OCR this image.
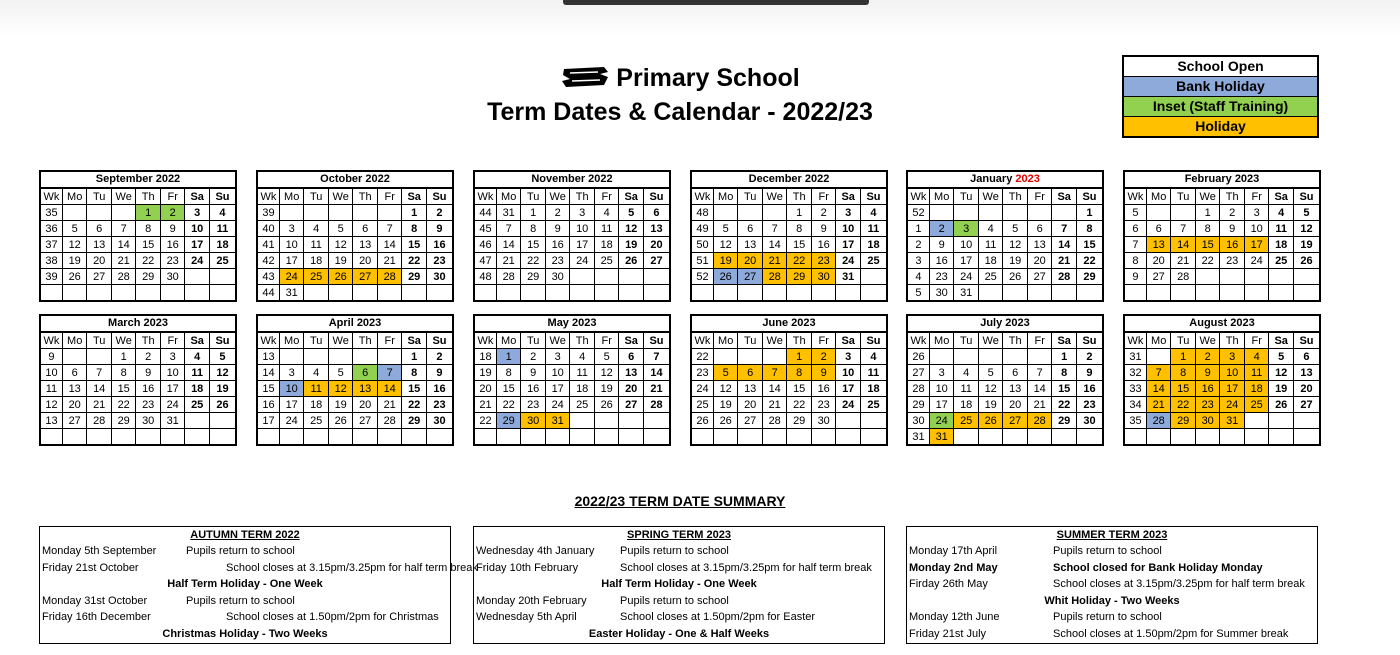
Primary School
Term Dates & Calendar - 2022/23
School Open
Bank Holiday
Inset (Staff Training)
Holiday
September 2022
Wk	Mo	Tu	We	Th	Fr	Sa	Su
35				1	2	3	4
36	5	6	7	8	9	10	11
37	12	13	14	15	16	17	18
38	19	20	21	22	23	24	25
39	26	27	28	29	30		

October 2022
Wk	Mo	Tu	We	Th	Fr	Sa	Su
39						1	2
40	3	4	5	6	7	8	9
41	10	11	12	13	14	15	16
42	17	18	19	20	21	22	23
43	24	25	26	27	28	29	30
44	31						
November 2022
Wk	Mo	Tu	We	Th	Fr	Sa	Su
44	31	1	2	3	4	5	6
45	7	8	9	10	11	12	13
46	14	15	16	17	18	19	20
47	21	22	23	24	25	26	27
48	28	29	30				

December 2022
Wk	Mo	Tu	We	Th	Fr	Sa	Su
48				1	2	3	4
49	5	6	7	8	9	10	11
50	12	13	14	15	16	17	18
51	19	20	21	22	23	24	25
52	26	27	28	29	30	31	

January 2023
Wk	Mo	Tu	We	Th	Fr	Sa	Su
52							1
1	2	3	4	5	6	7	8
2	9	10	11	12	13	14	15
3	16	17	18	19	20	21	22
4	23	24	25	26	27	28	29
5	30	31					
February 2023
Wk	Mo	Tu	We	Th	Fr	Sa	Su
5			1	2	3	4	5
6	6	7	8	9	10	11	12
7	13	14	15	16	17	18	19
8	20	21	22	23	24	25	26
9	27	28					

March 2023
Wk	Mo	Tu	We	Th	Fr	Sa	Su
9			1	2	3	4	5
10	6	7	8	9	10	11	12
11	13	14	15	16	17	18	19
12	20	21	22	23	24	25	26
13	27	28	29	30	31		

April 2023
Wk	Mo	Tu	We	Th	Fr	Sa	Su
13						1	2
14	3	4	5	6	7	8	9
15	10	11	12	13	14	15	16
16	17	18	19	20	21	22	23
17	24	25	26	27	28	29	30

May 2023
Wk	Mo	Tu	We	Th	Fr	Sa	Su
18	1	2	3	4	5	6	7
19	8	9	10	11	12	13	14
20	15	16	17	18	19	20	21
21	22	23	24	25	26	27	28
22	29	30	31				

June 2023
Wk	Mo	Tu	We	Th	Fr	Sa	Su
22				1	2	3	4
23	5	6	7	8	9	10	11
24	12	13	14	15	16	17	18
25	19	20	21	22	23	24	25
26	26	27	28	29	30		

July 2023
Wk	Mo	Tu	We	Th	Fr	Sa	Su
26						1	2
27	3	4	5	6	7	8	9
28	10	11	12	13	14	15	16
29	17	18	19	20	21	22	23
30	24	25	26	27	28	29	30
31	31						
August 2023
Wk	Mo	Tu	We	Th	Fr	Sa	Su
31		1	2	3	4	5	6
32	7	8	9	10	11	12	13
33	14	15	16	17	18	19	20
34	21	22	23	24	25	26	27
35	28	29	30	31			

2022/23 TERM DATE SUMMARY
AUTUMN TERM 2022
Monday 5th September	Pupils return to school
Friday 21st October	School closes at 3.15pm/3.25pm for half term break
Half Term Holiday - One Week
Monday 31st October	Pupils return to school
Friday 16th December	School closes at 1.50pm/2pm for Christmas
Christmas Holiday - Two Weeks
SPRING TERM 2023
Wednesday 4th January Pupils return to school
Friday 10th February	School closes at 3.15pm/3.25pm for half term break
Half Term Holiday - One Week
Monday 20th February	Pupils return to school
Wednesday 5th April	School closes at 1.50pm/2pm for Easter
Easter Holiday - One & Half Weeks
SUMMER TERM 2023
Monday 17th April	Pupils return to school
Monday 2nd May	School closed for Bank Holiday Monday
Firday 26th May	School closes at 3.15pm/3.25pm for half term break
Whit Holiday - Two Weeks
Monday 12th June	Pupils return to school
Friday 21st July	School closes at 1.50pm/2pm for Summer break
